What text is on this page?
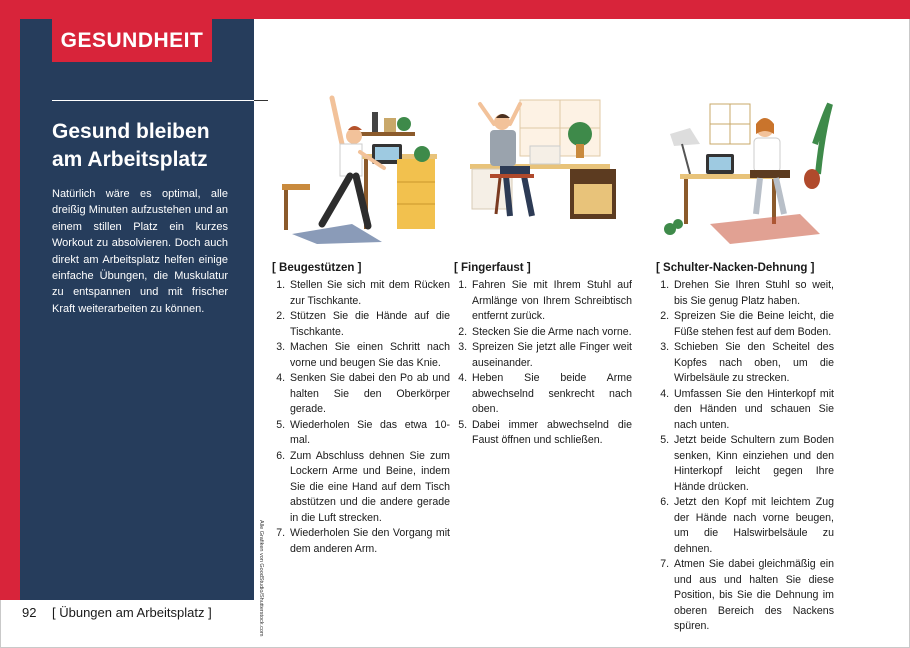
GESUNDHEIT
Gesund bleiben
am Arbeitsplatz

Natürlich wäre es optimal, alle dreißig Minuten aufzustehen und an einem stillen Platz ein kurzes Workout zu absolvieren. Doch auch direkt am Arbeitsplatz helfen einige einfache Übungen, die Muskulatur zu entspannen und mit frischer Kraft weiterarbeiten zu können.

Alle Grafiken von GoodStudio/Shutterstock.com
[ Beugestützen ]
1. Stellen Sie sich mit dem Rücken zur Tischkante.
2. Stützen Sie die Hände auf die Tischkante.
3. Machen Sie einen Schritt nach vorne und beugen Sie das Knie.
4. Senken Sie dabei den Po ab und halten Sie den Oberkörper gerade.
5. Wiederholen Sie das etwa 10-mal.
6. Zum Abschluss dehnen Sie zum Lockern Arme und Beine, indem Sie die eine Hand auf dem Tisch abstützen und die andere gerade in die Luft strecken.
7. Wiederholen Sie den Vorgang mit dem anderen Arm.
[ Fingerfaust ]
1. Fahren Sie mit Ihrem Stuhl auf Armlänge von Ihrem Schreibtisch entfernt zurück.
2. Stecken Sie die Arme nach vorne.
3. Spreizen Sie jetzt alle Finger weit auseinander.
4. Heben Sie beide Arme abwechselnd senkrecht nach oben.
5. Dabei immer abwechselnd die Faust öffnen und schließen.
[ Schulter-Nacken-Dehnung ]
1. Drehen Sie Ihren Stuhl so weit, bis Sie genug Platz haben.
2. Spreizen Sie die Beine leicht, die Füße stehen fest auf dem Boden.
3. Schieben Sie den Scheitel des Kopfes nach oben, um die Wirbelsäule zu strecken.
4. Umfassen Sie den Hinterkopf mit den Händen und schauen Sie nach unten.
5. Jetzt beide Schultern zum Boden senken, Kinn einziehen und den Hinterkopf leicht gegen Ihre Hände drücken.
6. Jetzt den Kopf mit leichtem Zug der Hände nach vorne beugen, um die Halswirbelsäule zu dehnen.
7. Atmen Sie dabei gleichmäßig ein und aus und halten Sie diese Position, bis Sie die Dehnung im oberen Bereich des Nackens spüren.
92 [ Übungen am Arbeitsplatz ]
